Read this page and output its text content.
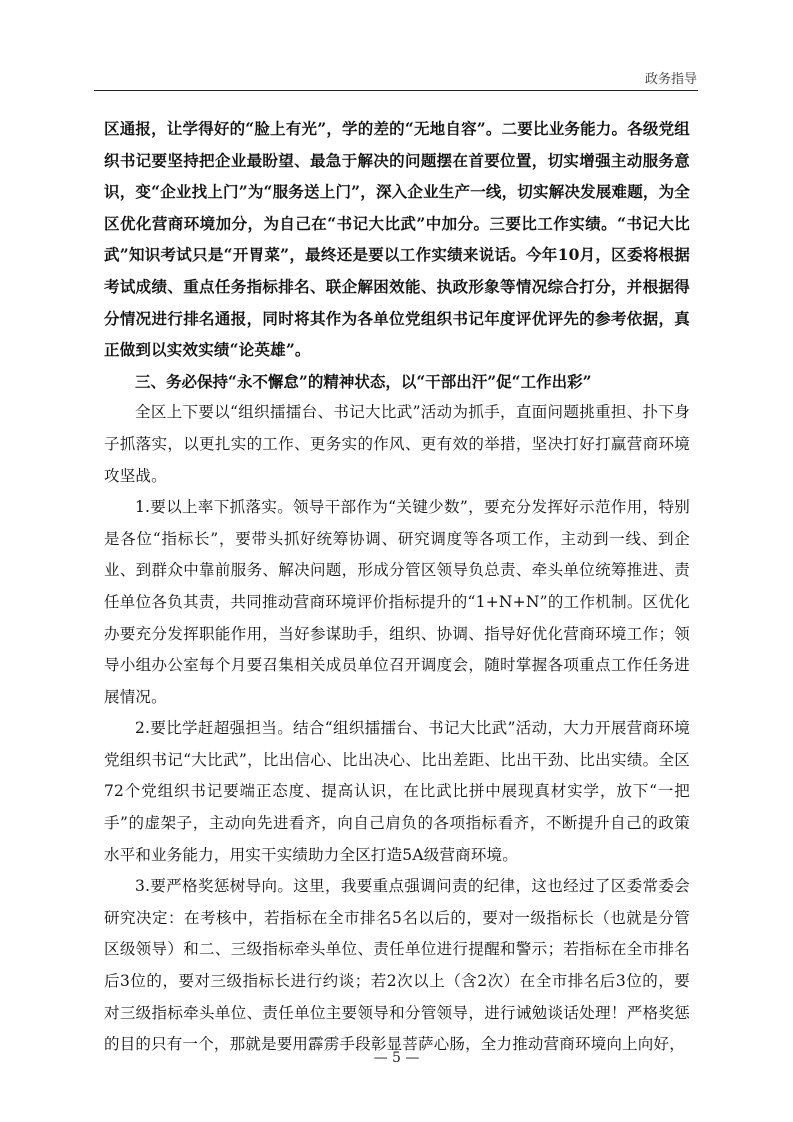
政务指导

区通报，让学得好的“脸上有光”，学的差的“无地自容”。二要比业务能力。各级党组织书记要坚持把企业最盼望、最急于解决的问题摆在首要位置，切实增强主动服务意识，变“企业找上门”为“服务送上门”，深入企业生产一线，切实解决发展难题，为全区优化营商环境加分，为自己在“书记大比武”中加分。三要比工作实绩。“书记大比武”知识考试只是“开胃菜”，最终还是要以工作实绩来说话。今年10月，区委将根据考试成绩、重点任务指标排名、联企解困效能、执政形象等情况综合打分，并根据得分情况进行排名通报，同时将其作为各单位党组织书记年度评优评先的参考依据，真正做到以实效实绩“论英雄”。

三、务必保持“永不懈怠”的精神状态，以“干部出汗”促“工作出彩”

全区上下要以“组织擂擂台、书记大比武”活动为抓手，直面问题挑重担、扑下身子抓落实，以更扎实的工作、更务实的作风、更有效的举措，坚决打好打赢营商环境攻坚战。

1.要以上率下抓落实。领导干部作为“关键少数”，要充分发挥好示范作用，特别是各位“指标长”，要带头抓好统筹协调、研究调度等各项工作，主动到一线、到企业、到群众中靠前服务、解决问题，形成分管区领导负总责、牵头单位统筹推进、责任单位各负其责，共同推动营商环境评价指标提升的“1+N+N”的工作机制。区优化办要充分发挥职能作用，当好参谋助手，组织、协调、指导好优化营商环境工作；领导小组办公室每个月要召集相关成员单位召开调度会，随时掌握各项重点工作任务进展情况。

2.要比学赶超强担当。结合“组织擂擂台、书记大比武”活动，大力开展营商环境党组织书记“大比武”，比出信心、比出决心、比出差距、比出干劲、比出实绩。全区72个党组织书记要端正态度、提高认识，在比武比拼中展现真材实学，放下“一把手”的虚架子，主动向先进看齐，向自己肩负的各项指标看齐，不断提升自己的政策水平和业务能力，用实干实绩助力全区打造5A级营商环境。

3.要严格奖惩树导向。这里，我要重点强调问责的纪律，这也经过了区委常委会研究决定：在考核中，若指标在全市排名5名以后的，要对一级指标长（也就是分管区级领导）和二、三级指标牵头单位、责任单位进行提醒和警示；若指标在全市排名后3位的，要对三级指标长进行约谈；若2次以上（含2次）在全市排名后3位的，要对三级指标牵头单位、责任单位主要领导和分管领导，进行诫勉谈话处理！严格奖惩的目的只有一个，那就是要用霹雳手段彰显菩萨心肠，全力推动营商环境向上向好，

— 5 —
